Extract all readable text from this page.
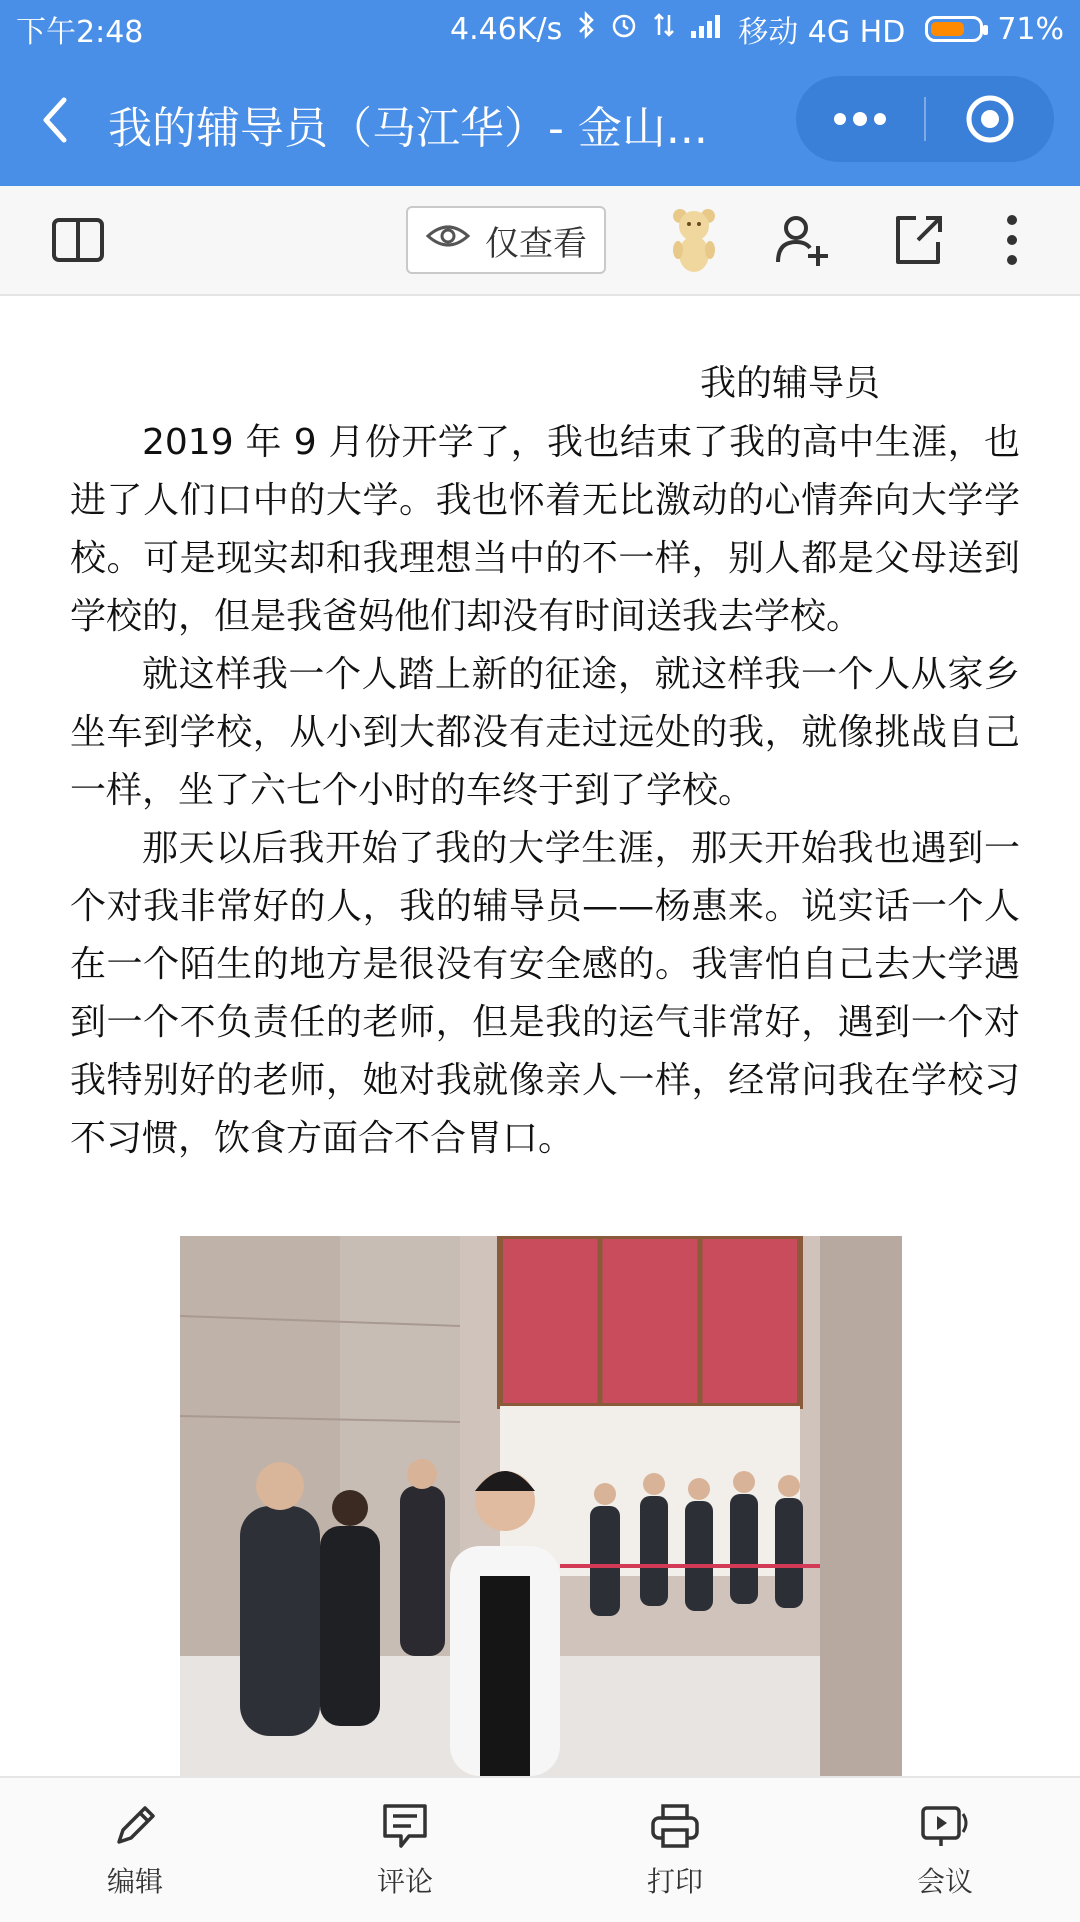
下午2:48	4.46K/s	移动 4G HD	71%
我的辅导员（马江华）- 金山...
仅查看
我的辅导员

2019 年 9 月份开学了，我也结束了我的高中生涯，也进了人们口中的大学。我也怀着无比激动的心情奔向大学学校。可是现实却和我理想当中的不一样，别人都是父母送到学校的，但是我爸妈他们却没有时间送我去学校。

就这样我一个人踏上新的征途，就这样我一个人从家乡坐车到学校，从小到大都没有走过远处的我，就像挑战自己一样，坐了六七个小时的车终于到了学校。

那天以后我开始了我的大学生涯，那天开始我也遇到一个对我非常好的人，我的辅导员——杨惠来。说实话一个人在一个陌生的地方是很没有安全感的。我害怕自己去大学遇到一个不负责任的老师，但是我的运气非常好，遇到一个对我特别好的老师，她对我就像亲人一样，经常问我在学校习不习惯，饮食方面合不合胃口。

编辑	评论	打印	会议
